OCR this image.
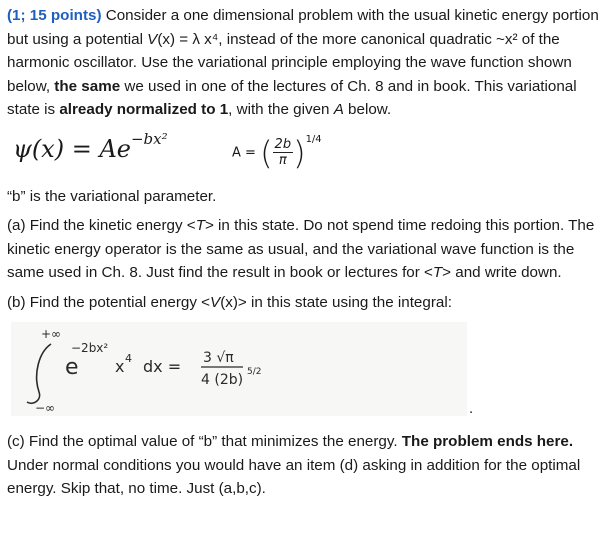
(1; 15 points) Consider a one dimensional problem with the usual kinetic energy portion but using a potential V(x) = λ x⁴, instead of the more canonical quadratic ~x² of the harmonic oscillator. Use the variational principle employing the wave function shown below, the same we used in one of the lectures of Ch. 8 and in book. This variational state is already normalized to 1, with the given A below.

$\psi(x) = Ae^{-bx^2}$
A = ( $\frac{2b}{\pi} )^{1/4}$

“b” is the variational parameter.

(a) Find the kinetic energy <T> in this state. Do not spend time redoing this portion. The kinetic energy operator is the same as usual, and the variational wave function is the same used in Ch. 8. Just find the result in book or lectures for <T> and write down.

(b) Find the potential energy <V(x)> in this state using the integral:

+∞
−∞
e
−2bx²
x 4 dx = 3 √π
4 (2b) 5/2
.

(c) Find the optimal value of “b” that minimizes the energy. The problem ends here. Under normal conditions you would have an item (d) asking in addition for the optimal energy. Skip that, no time. Just (a,b,c).
